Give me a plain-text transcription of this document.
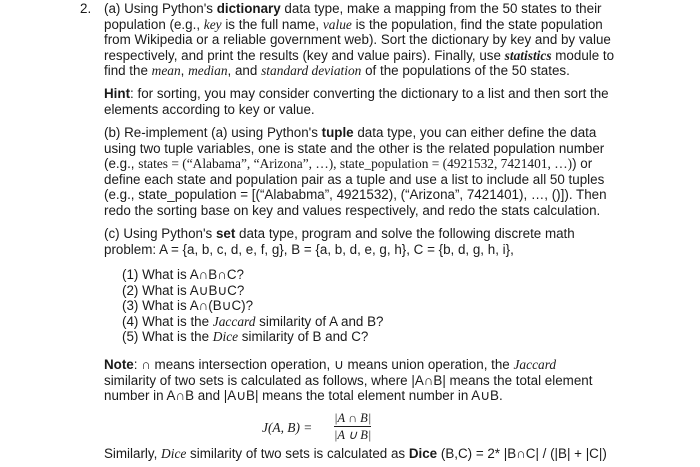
2. (a) Using Python's dictionary data type, make a mapping from the 50 states to their
population (e.g., key is the full name, value is the population, find the state population
from Wikipedia or a reliable government web). Sort the dictionary by key and by value
respectively, and print the results (key and value pairs). Finally, use statistics module to
find the mean, median, and standard deviation of the populations of the 50 states.
Hint: for sorting, you may consider converting the dictionary to a list and then sort the
elements according to key or value.
(b) Re-implement (a) using Python's tuple data type, you can either define the data
using two tuple variables, one is state and the other is the related population number
(e.g., states = (“Alabama”, “Arizona”, …), state_population = (4921532, 7421401, …)) or
define each state and population pair as a tuple and use a list to include all 50 tuples
(e.g., state_population = [(“Alababma”, 4921532), (“Arizona”, 7421401), …, ()]). Then
redo the sorting base on key and values respectively, and redo the stats calculation.
(c) Using Python's set data type, program and solve the following discrete math
problem: A = {a, b, c, d, e, f, g}, B = {a, b, d, e, g, h}, C = {b, d, g, h, i},
(1) What is A∩B∩C?
(2) What is A∪B∪C?
(3) What is A∩(B∪C)?
(4) What is the Jaccard similarity of A and B?
(5) What is the Dice similarity of B and C?
Note: ∩ means intersection operation, ∪ means union operation, the Jaccard
similarity of two sets is calculated as follows, where |A∩B| means the total element
number in A∩B and |A∪B| means the total element number in A∪B.
J(A, B) =
|A ∩ B|
|A ∪ B|
Similarly, Dice similarity of two sets is calculated as Dice (B,C) = 2* |B∩C| / (|B| + |C|)
